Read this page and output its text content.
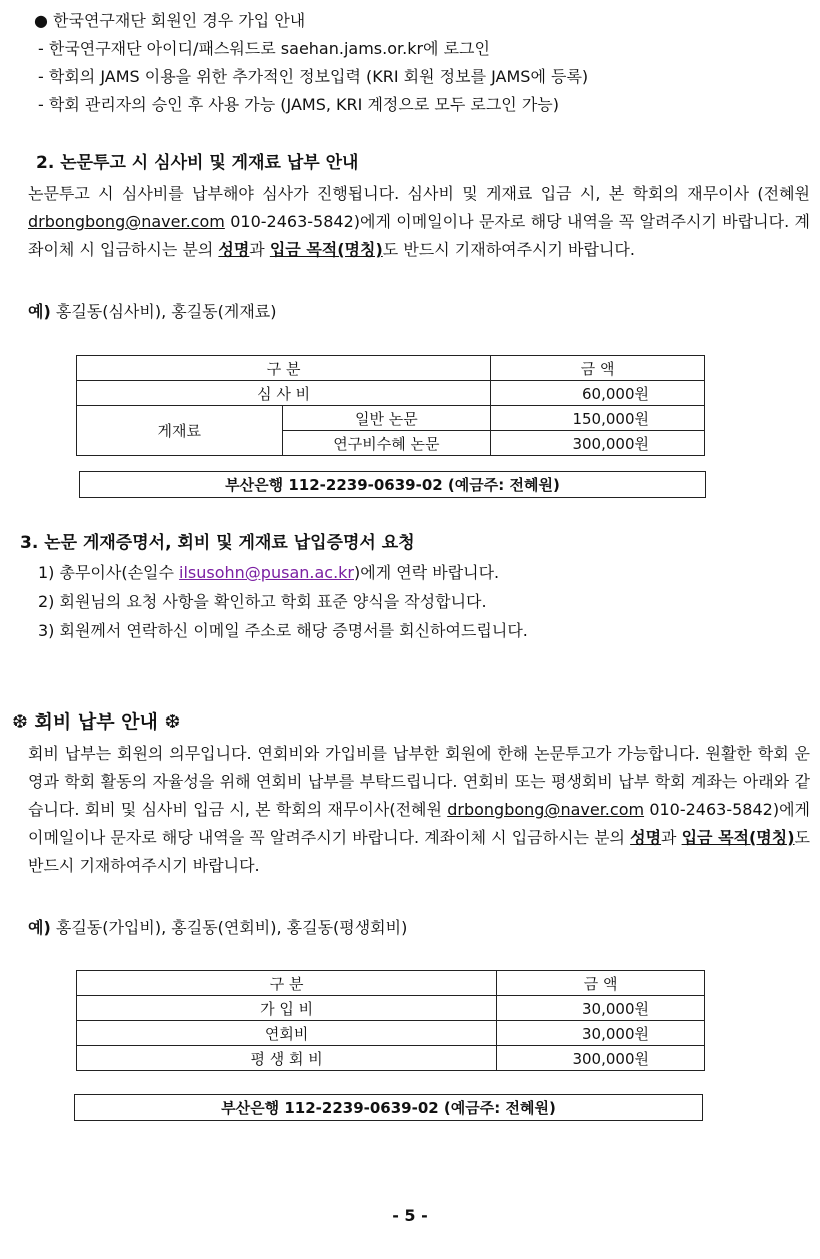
● 한국연구재단 회원인 경우 가입 안내
- 한국연구재단 아이디/패스워드로 saehan.jams.or.kr에 로그인
- 학회의 JAMS 이용을 위한 추가적인 정보입력 (KRI 회원 정보를 JAMS에 등록)
- 학회 관리자의 승인 후 사용 가능 (JAMS, KRI 계정으로 모두 로그인 가능)
2. 논문투고 시 심사비 및 게재료 납부 안내
논문투고 시 심사비를 납부해야 심사가 진행됩니다. 심사비 및 게재료 입금 시, 본 학회의 재무이사 (전혜원 drbongbong@naver.com 010-2463-5842)에게 이메일이나 문자로 해당 내역을 꼭 알려주시기 바랍니다. 계좌이체 시 입금하시는 분의 성명과 입금 목적(명칭)도 반드시 기재하여주시기 바랍니다.
예) 홍길동(심사비), 홍길동(게재료)
구 분		금 액
심 사 비		60,000원
게재료	일반 논문	150,000원
	연구비수혜 논문	300,000원
부산은행 112-2239-0639-02 (예금주: 전혜원)
3. 논문 게재증명서, 회비 및 게재료 납입증명서 요청
1) 총무이사(손일수 ilsusohn@pusan.ac.kr)에게 연락 바랍니다.
2) 회원님의 요청 사항을 확인하고 학회 표준 양식을 작성합니다.
3) 회원께서 연락하신 이메일 주소로 해당 증명서를 회신하여드립니다.
❆ 회비 납부 안내 ❆
회비 납부는 회원의 의무입니다. 연회비와 가입비를 납부한 회원에 한해 논문투고가 가능합니다. 원활한 학회 운영과 학회 활동의 자율성을 위해 연회비 납부를 부탁드립니다. 연회비 또는 평생회비 납부 학회 계좌는 아래와 같습니다. 회비 및 심사비 입금 시, 본 학회의 재무이사(전혜원 drbongbong@naver.com 010-2463-5842)에게 이메일이나 문자로 해당 내역을 꼭 알려주시기 바랍니다. 계좌이체 시 입금하시는 분의 성명과 입금 목적(명칭)도 반드시 기재하여주시기 바랍니다.
예) 홍길동(가입비), 홍길동(연회비), 홍길동(평생회비)
구 분	금 액
가 입 비	30,000원
연회비	30,000원
평 생 회 비	300,000원
부산은행 112-2239-0639-02 (예금주: 전혜원)
- 5 -
